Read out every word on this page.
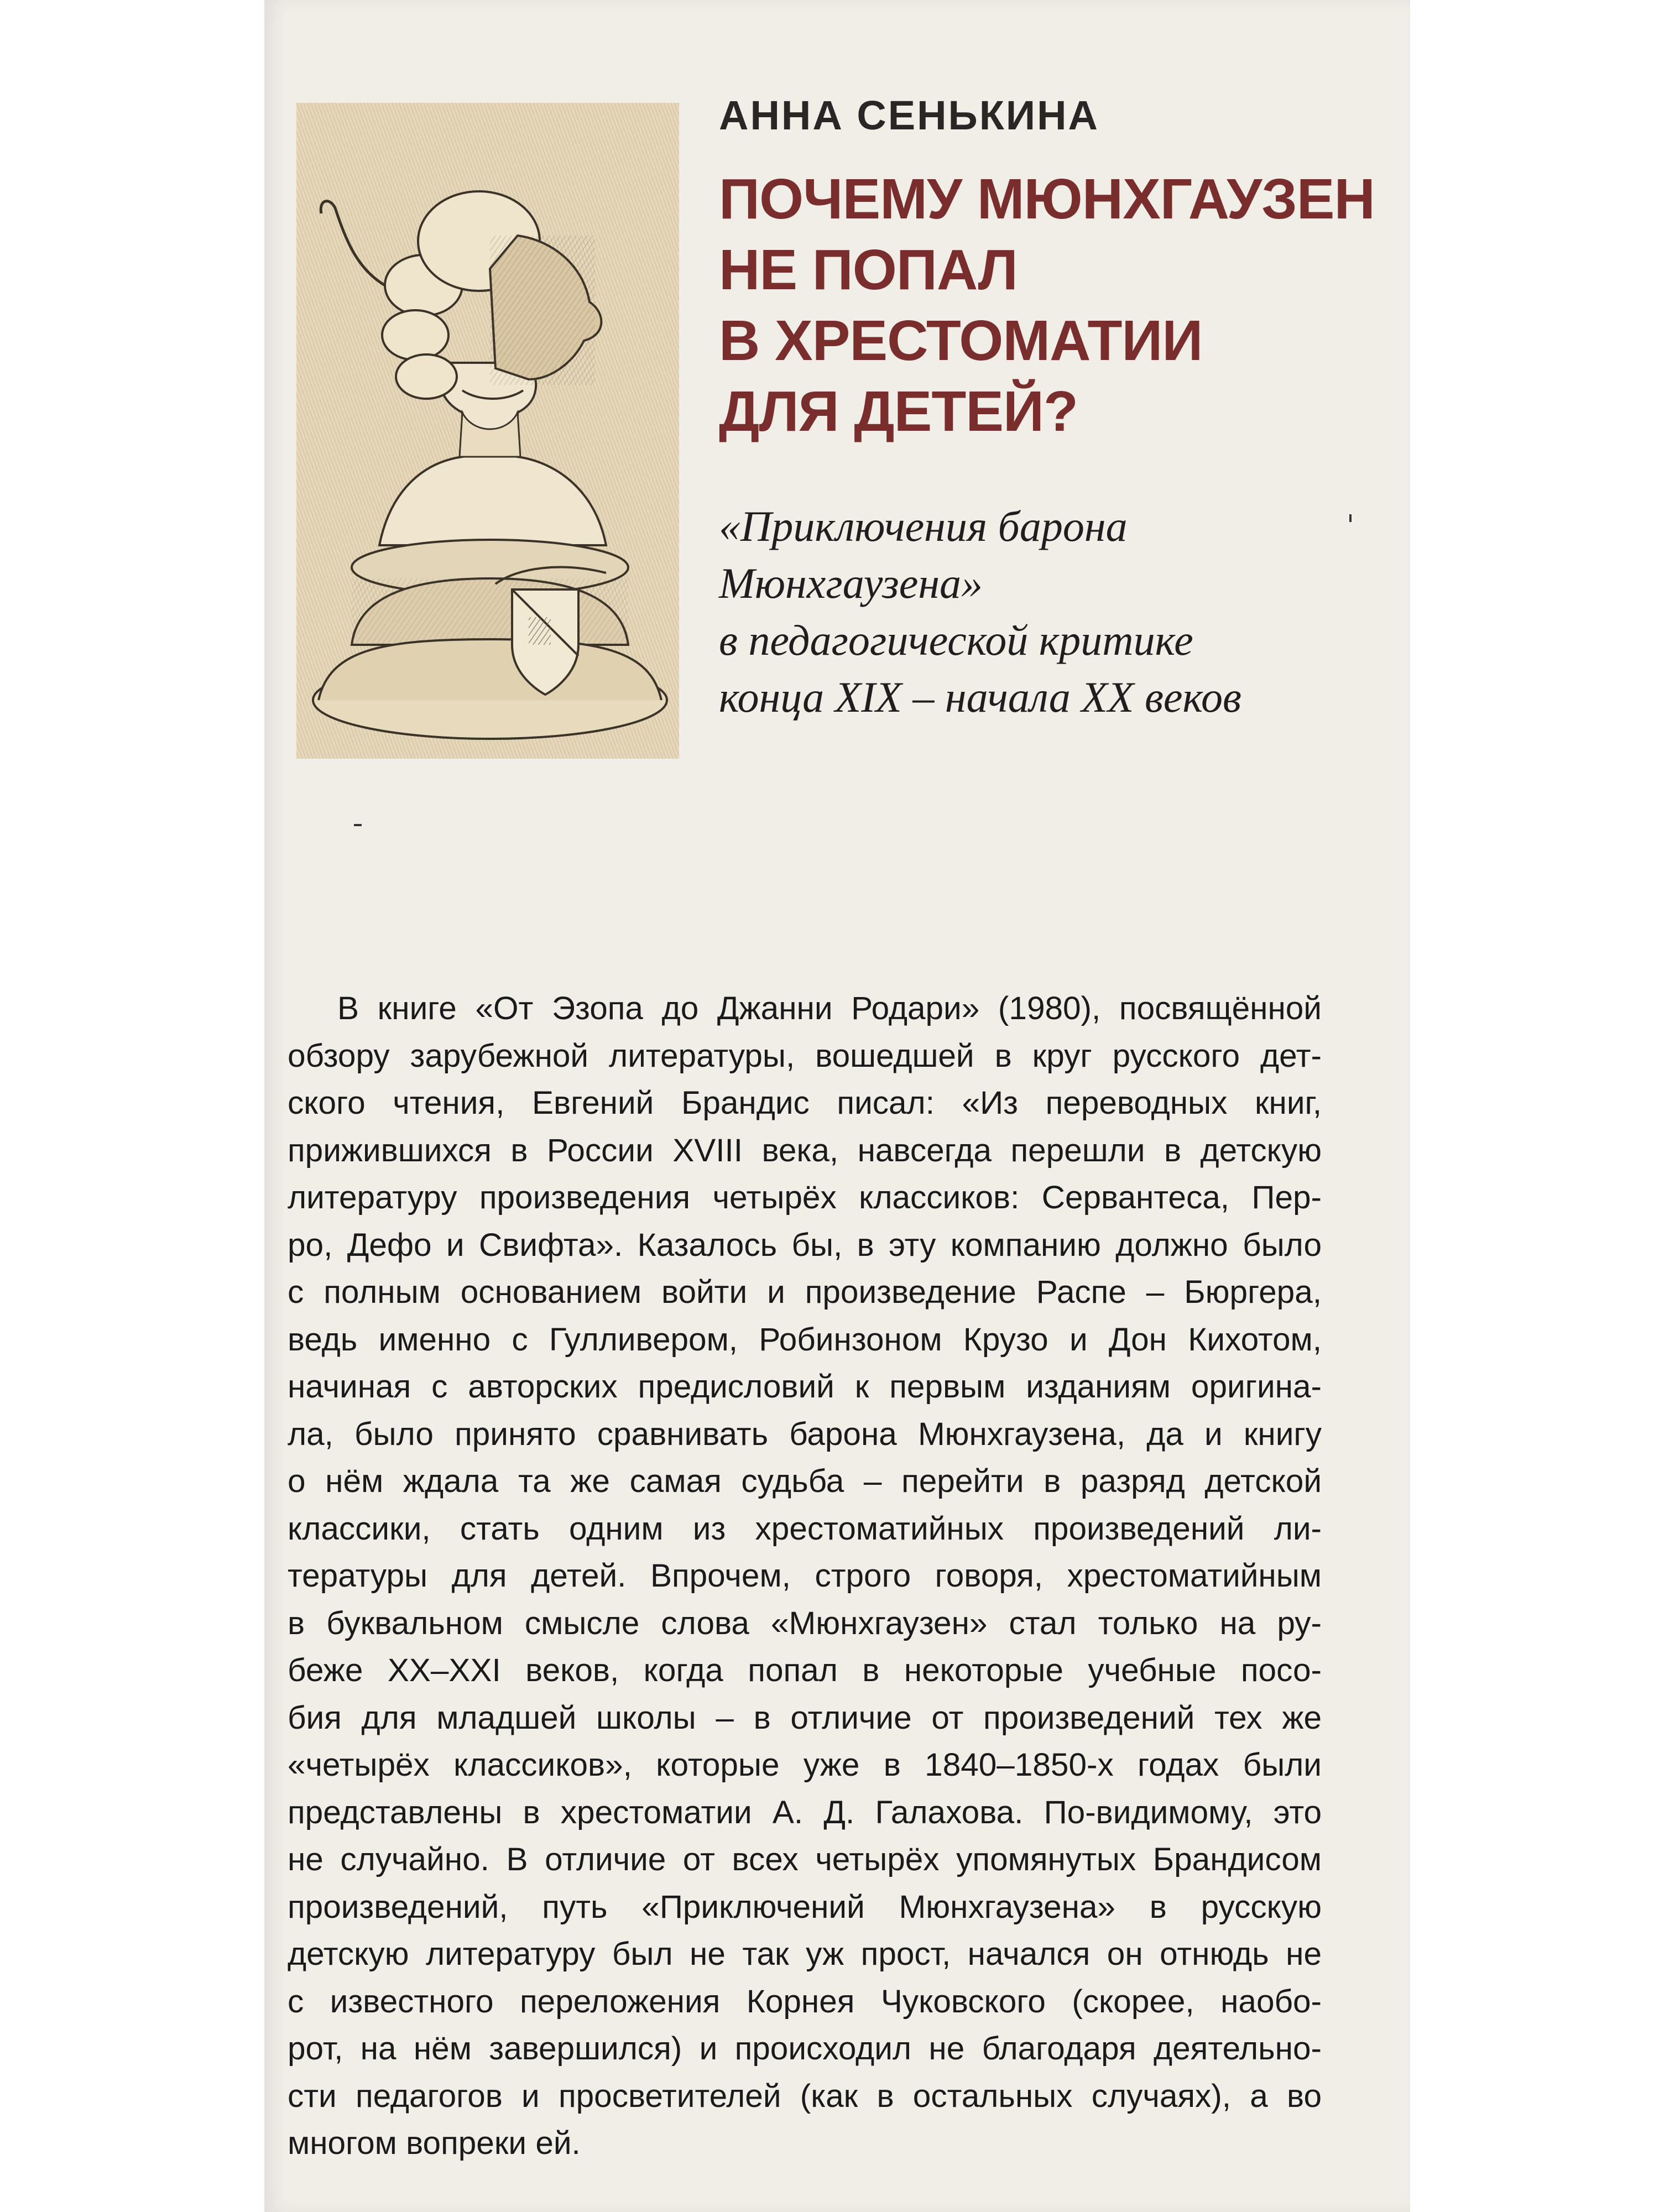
АННА СЕНЬКИНА
ПОЧЕМУ МЮНХГАУЗЕН
НЕ ПОПАЛ
В ХРЕСТОМАТИИ
ДЛЯ ДЕТЕЙ?
«Приключения барона
Мюнхгаузена»
в педагогической критике
конца XIX – начала XX веков
В книге «От Эзопа до Джанни Родари» (1980), посвящённой
обзору зарубежной литературы, вошедшей в круг русского дет-
ского чтения, Евгений Брандис писал: «Из переводных книг,
прижившихся в России XVIII века, навсегда перешли в детскую
литературу произведения четырёх классиков: Сервантеса, Пер-
ро, Дефо и Свифта». Казалось бы, в эту компанию должно было
с полным основанием войти и произведение Распе – Бюргера,
ведь именно с Гулливером, Робинзоном Крузо и Дон Кихотом,
начиная с авторских предисловий к первым изданиям оригина-
ла, было принято сравнивать барона Мюнхгаузена, да и книгу
о нём ждала та же самая судьба – перейти в разряд детской
классики, стать одним из хрестоматийных произведений ли-
тературы для детей. Впрочем, строго говоря, хрестоматийным
в буквальном смысле слова «Мюнхгаузен» стал только на ру-
беже XX–XXI веков, когда попал в некоторые учебные посо-
бия для младшей школы – в отличие от произведений тех же
«четырёх классиков», которые уже в 1840–1850-х годах были
представлены в хрестоматии А. Д. Галахова. По-видимому, это
не случайно. В отличие от всех четырёх упомянутых Брандисом
произведений, путь «Приключений Мюнхгаузена» в русскую
детскую литературу был не так уж прост, начался он отнюдь не
с известного переложения Корнея Чуковского (скорее, наобо-
рот, на нём завершился) и происходил не благодаря деятельно-
сти педагогов и просветителей (как в остальных случаях), а во
многом вопреки ей.
